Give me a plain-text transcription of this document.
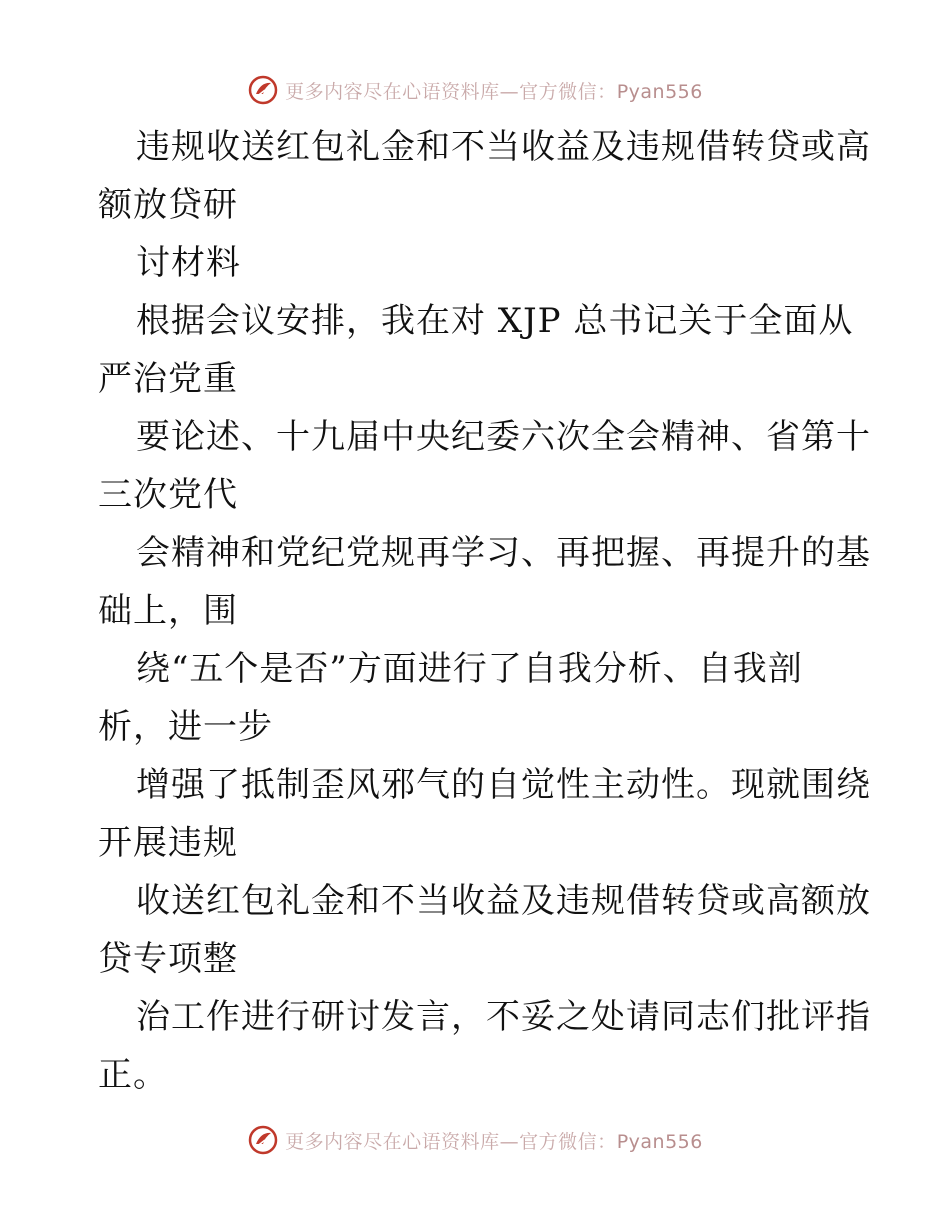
更多内容尽在心语资料库—官方微信：Pyan556
违规收送红包礼金和不当收益及违规借转贷或高
额放贷研
讨材料
根据会议安排，我在对 XJP 总书记关于全面从
严治党重
要论述、十九届中央纪委六次全会精神、省第十
三次党代
会精神和党纪党规再学习、再把握、再提升的基
础上，围
绕“五个是否”方面进行了自我分析、自我剖
析，进一步
增强了抵制歪风邪气的自觉性主动性。现就围绕
开展违规
收送红包礼金和不当收益及违规借转贷或高额放
贷专项整
治工作进行研讨发言，不妥之处请同志们批评指
正。
更多内容尽在心语资料库—官方微信：Pyan556
